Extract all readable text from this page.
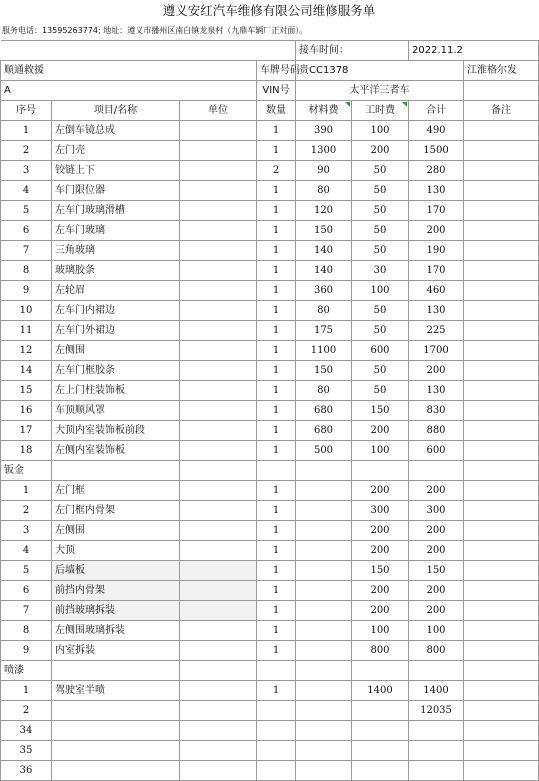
遵义安红汽车维修有限公司维修服务单
服务电话：13595263774; 地址：遵义市播州区南白镇龙泉村（九鼎车辆厂正对面）。
				接车时间：		2022.11.2	
顺通救援			车牌号码	贵CC1378			江淮格尔发
A			VIN号	太平洋三者车			
序号	项目/名称	单位	数量	材料费	工时费	合计	备注
1	左倒车镜总成		1	390	100	490	
2	左门壳		1	1300	200	1500	
3	铰链上下		2	90	50	280	
4	车门限位器		1	80	50	130	
5	左车门玻璃滑槽		1	120	50	170	
6	左车门玻璃		1	150	50	200	
7	三角玻璃		1	140	50	190	
8	玻璃胶条		1	140	30	170	
9	左轮眉		1	360	100	460	
10	左车门内裙边		1	80	50	130	
11	左车门外裙边		1	175	50	225	
12	左侧围		1	1100	600	1700	
14	左车门框胶条		1	150	50	200	
15	左上门柱装饰板		1	80	50	130	
16	车顶顺风罩		1	680	150	830	
17	大顶内室装饰板前段		1	680	200	880	
18	左侧内室装饰板		1	500	100	600	
钣金							
1	左门框		1		200	200	
2	左门框内骨架		1		300	300	
3	左侧围		1		200	200	
4	大顶		1		200	200	
5	后墙板		1		150	150	
6	前挡内骨架		1		200	200	
7	前挡玻璃拆装		1		200	200	
8	左侧围玻璃拆装		1		100	100	
9	内室拆装		1		800	800	
喷漆							
1	驾驶室半喷		1		1400	1400	
2						12035	
34							
35							
36							
